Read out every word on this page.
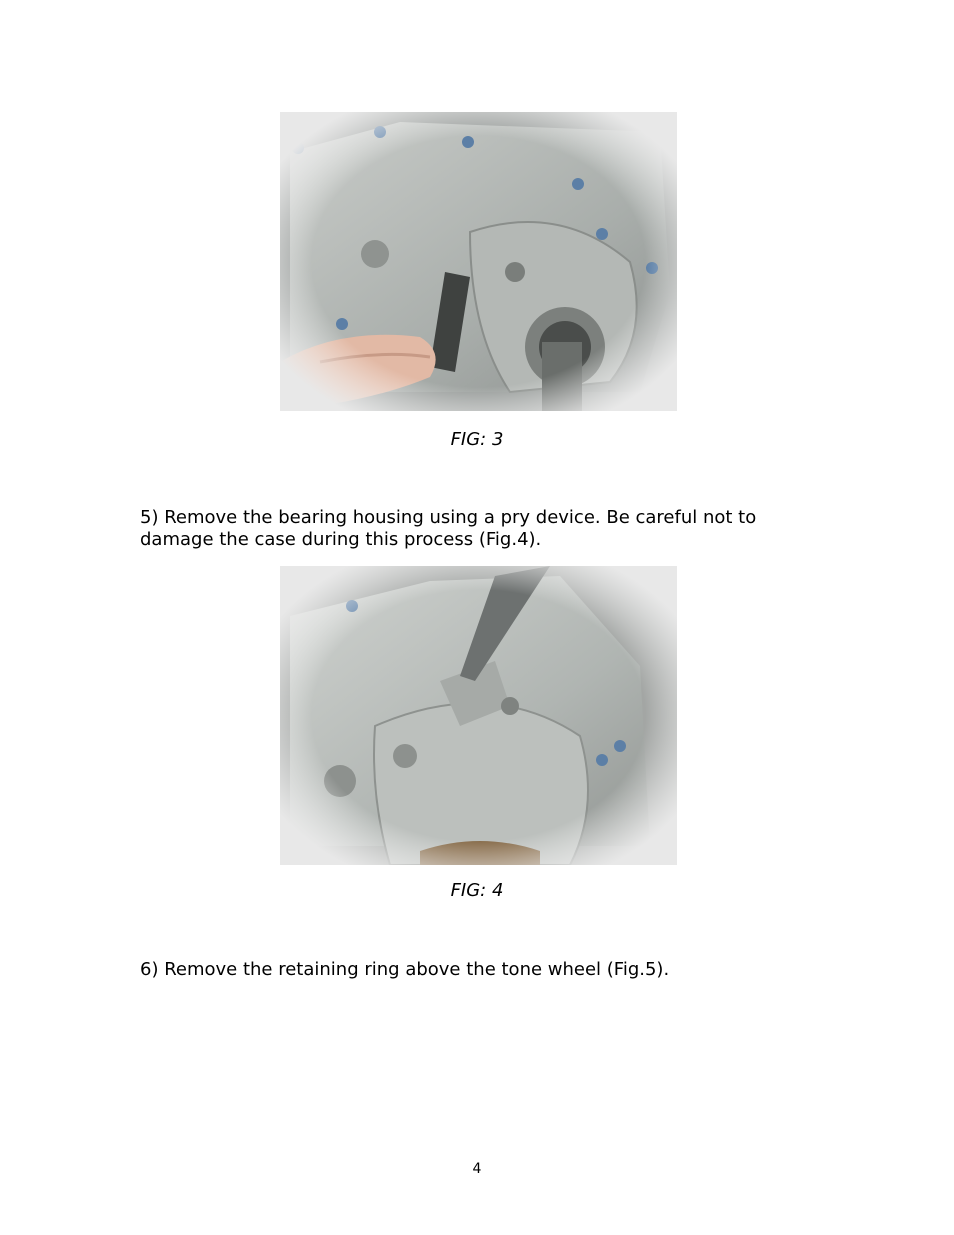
FIG: 3

5) Remove the bearing housing using a pry device. Be careful not to damage the case during this process (Fig.4).

FIG: 4

6) Remove the retaining ring above the tone wheel (Fig.5).

4
